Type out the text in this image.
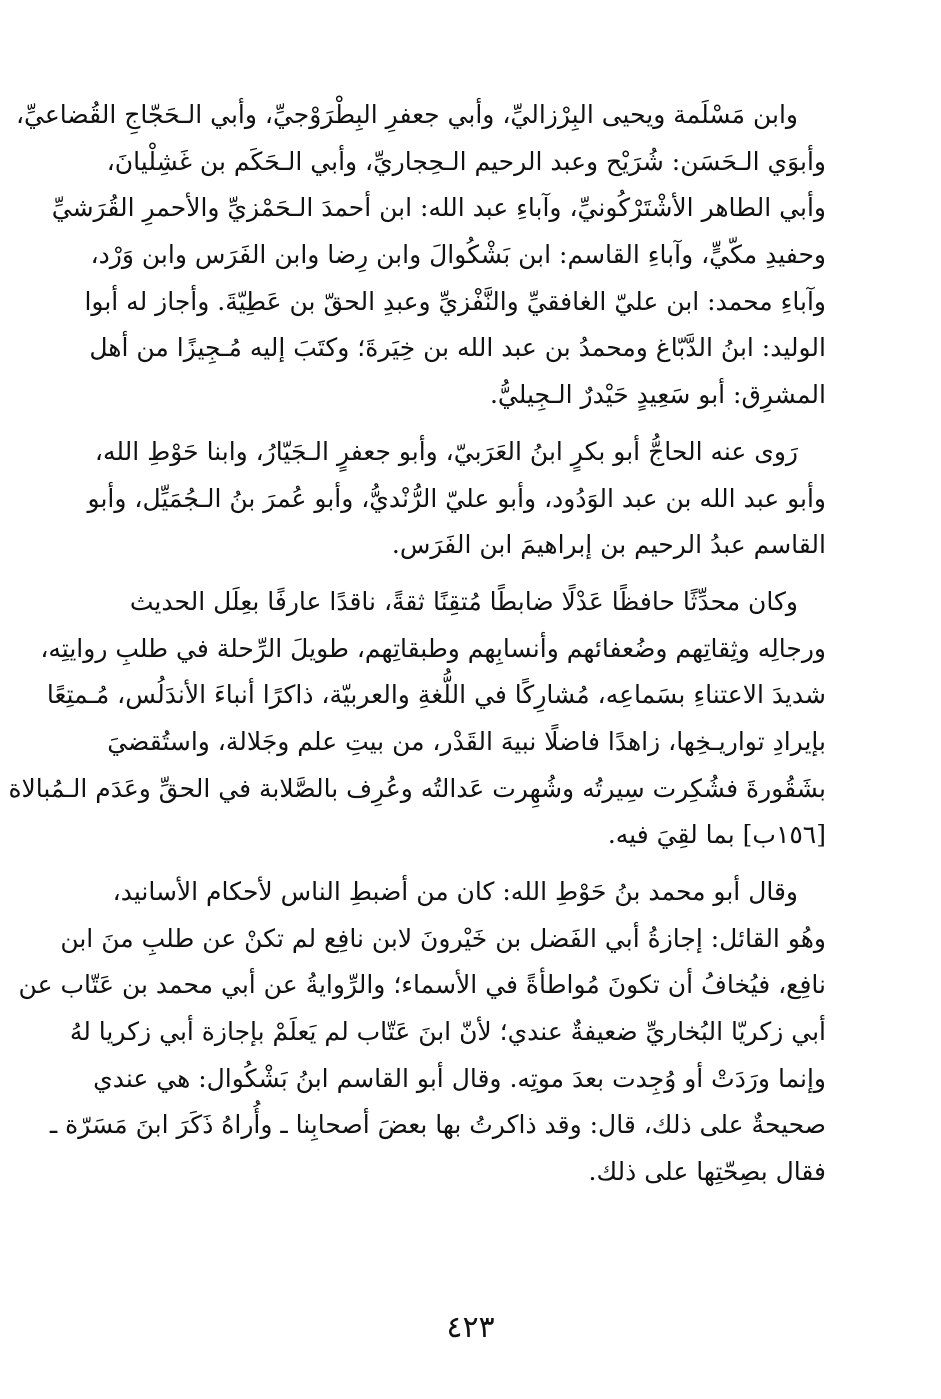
وابن مَسْلَمة ويحيى البِرْزاليِّ، وأبي جعفرِ البِطْرَوْجيِّ، وأبي الـحَجّاجِ القُضاعيِّ،
وأبوَي الـحَسَن: شُرَيْح وعبد الرحيم الـحِجاريِّ، وأبي الـحَكَم بن غَشِلْيانَ،
وأبي الطاهر الأشْتَرْكُونيِّ، وآباءِ عبد الله: ابن أحمدَ الـحَمْزيِّ والأحمرِ القُرَشيِّ
وحفيدِ مكّيٍّ، وآباءِ القاسم: ابن بَشْكُوالَ وابن رِضا وابن الفَرَس وابن وَرْد،
وآباءِ محمد: ابن عليّ الغافقيِّ والنَّفْزيِّ وعبدِ الحقّ بن عَطِيّةَ. وأجاز له أبوا
الوليد: ابنُ الدَّبّاغ ومحمدُ بن عبد الله بن خِيَرةَ؛ وكتَبَ إليه مُـجِيزًا من أهل
المشرِق: أبو سَعِيدٍ حَيْدرٌ الـجِيليُّ.
رَوى عنه الحاجُّ أبو بكرٍ ابنُ العَرَبيّ، وأبو جعفرٍ الـجَيّارُ، وابنا حَوْطِ الله،
وأبو عبد الله بن عبد الوَدُود، وأبو عليّ الرُّنْديُّ، وأبو عُمرَ بنُ الـجُمَيِّل، وأبو
القاسم عبدُ الرحيم بن إبراهيمَ ابن الفَرَس.
وكان محدِّثًا حافظًا عَدْلًا ضابطًا مُتقِنًا ثقةً، ناقدًا عارفًا بعِلَل الحديث
ورجالِه وثِقاتِهم وضُعفائهم وأنسابِهم وطبقاتِهم، طويلَ الرِّحلة في طلبِ روايتِه،
شديدَ الاعتناءِ بسَماعِه، مُشارِكًا في اللُّغةِ والعربيّة، ذاكرًا أنباءَ الأندَلُس، مُـمتِعًا
بإيرادِ تواريـخِها، زاهدًا فاضلًا نبيهَ القَدْر، من بيتِ علم وجَلالة، واستُقضيَ
بشَقُورةَ فشُكِرت سِيرتُه وشُهِرت عَدالتُه وعُرِف بالصَّلابة في الحقِّ وعَدَم الـمُبالاة
[١٥٦ب] بما لقِيَ فيه.
وقال أبو محمد بنُ حَوْطِ الله: كان من أضبطِ الناس لأحكام الأسانيد،
وهُو القائل: إجازةُ أبي الفَضل بن خَيْرونَ لابن نافِع لم تكنْ عن طلبِ منَ ابن
نافِع، فيُخافُ أن تكونَ مُواطأةً في الأسماء؛ والرِّوايةُ عن أبي محمد بن عَتّاب عن
أبي زكريّا البُخاريِّ ضعيفةٌ عندي؛ لأنّ ابنَ عَتّاب لم يَعلَمْ بإجازة أبي زكريا لهُ
وإنما ورَدَتْ أو وُجِدت بعدَ موتِه. وقال أبو القاسم ابنُ بَشْكُوال: هي عندي
صحيحةٌ على ذلك، قال: وقد ذاكرتُ بها بعضَ أصحابِنا ـ وأُراهُ ذَكَرَ ابنَ مَسَرّة ـ
فقال بصِحّتِها على ذلك.
٤٢٣
